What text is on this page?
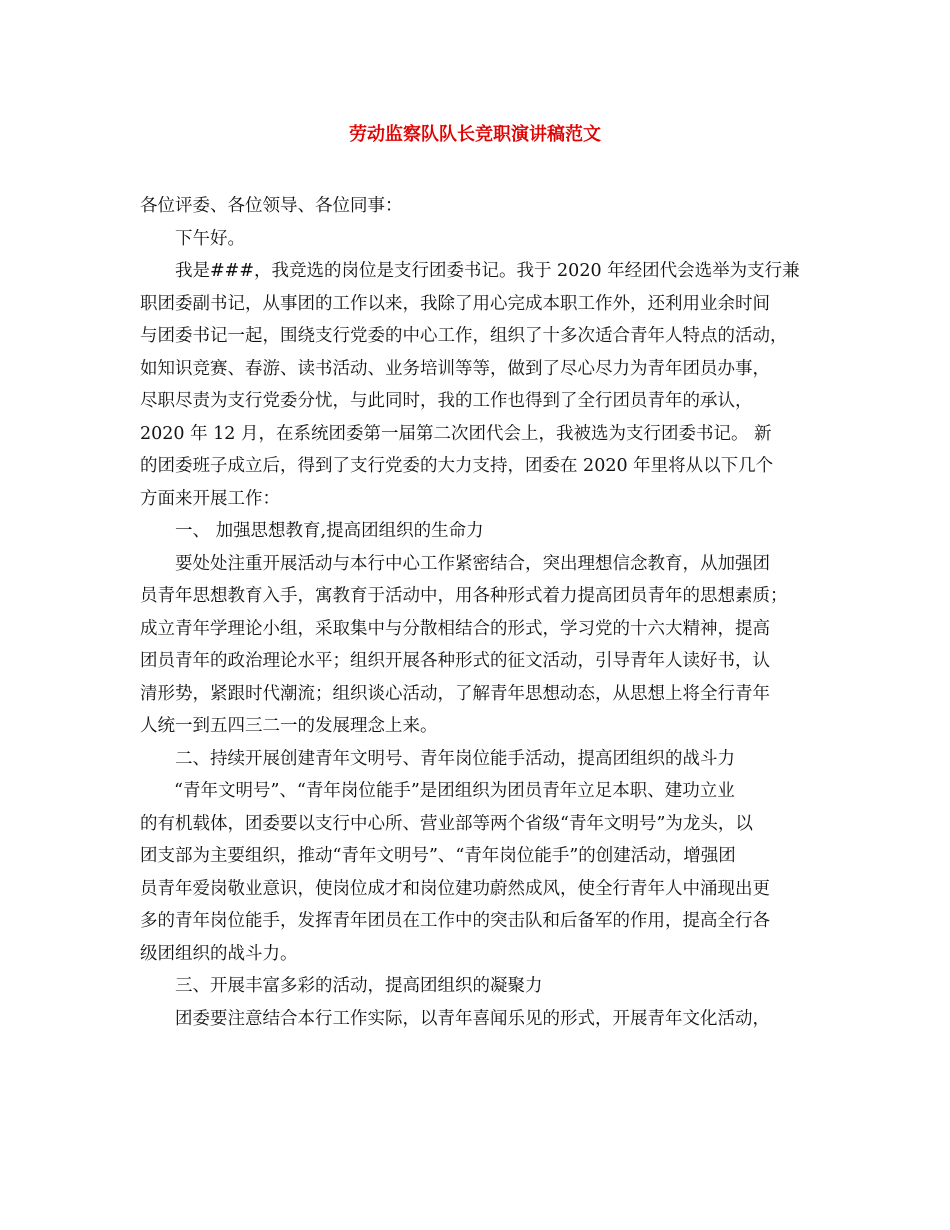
劳动监察队队长竞职演讲稿范文
各位评委、各位领导、各位同事：
下午好。
我是###，我竞选的岗位是支行团委书记。我于 2020 年经团代会选举为支行兼
职团委副书记，从事团的工作以来，我除了用心完成本职工作外，还利用业余时间
与团委书记一起，围绕支行党委的中心工作，组织了十多次适合青年人特点的活动，
如知识竞赛、春游、读书活动、业务培训等等，做到了尽心尽力为青年团员办事，
尽职尽责为支行党委分忧，与此同时，我的工作也得到了全行团员青年的承认，
2020 年 12 月，在系统团委第一届第二次团代会上，我被选为支行团委书记。 新
的团委班子成立后，得到了支行党委的大力支持，团委在 2020 年里将从以下几个
方面来开展工作：
一、 加强思想教育,提高团组织的生命力
要处处注重开展活动与本行中心工作紧密结合，突出理想信念教育，从加强团
员青年思想教育入手，寓教育于活动中，用各种形式着力提高团员青年的思想素质；
成立青年学理论小组，采取集中与分散相结合的形式，学习党的十六大精神，提高
团员青年的政治理论水平；组织开展各种形式的征文活动，引导青年人读好书，认
清形势，紧跟时代潮流；组织谈心活动，了解青年思想动态，从思想上将全行青年
人统一到五四三二一的发展理念上来。
二、持续开展创建青年文明号、青年岗位能手活动，提高团组织的战斗力
“青年文明号”、“青年岗位能手”是团组织为团员青年立足本职、建功立业
的有机载体，团委要以支行中心所、营业部等两个省级“青年文明号”为龙头，以
团支部为主要组织，推动“青年文明号”、“青年岗位能手”的创建活动，增强团
员青年爱岗敬业意识，使岗位成才和岗位建功蔚然成风，使全行青年人中涌现出更
多的青年岗位能手，发挥青年团员在工作中的突击队和后备军的作用，提高全行各
级团组织的战斗力。
三、开展丰富多彩的活动，提高团组织的凝聚力
团委要注意结合本行工作实际，以青年喜闻乐见的形式，开展青年文化活动，
